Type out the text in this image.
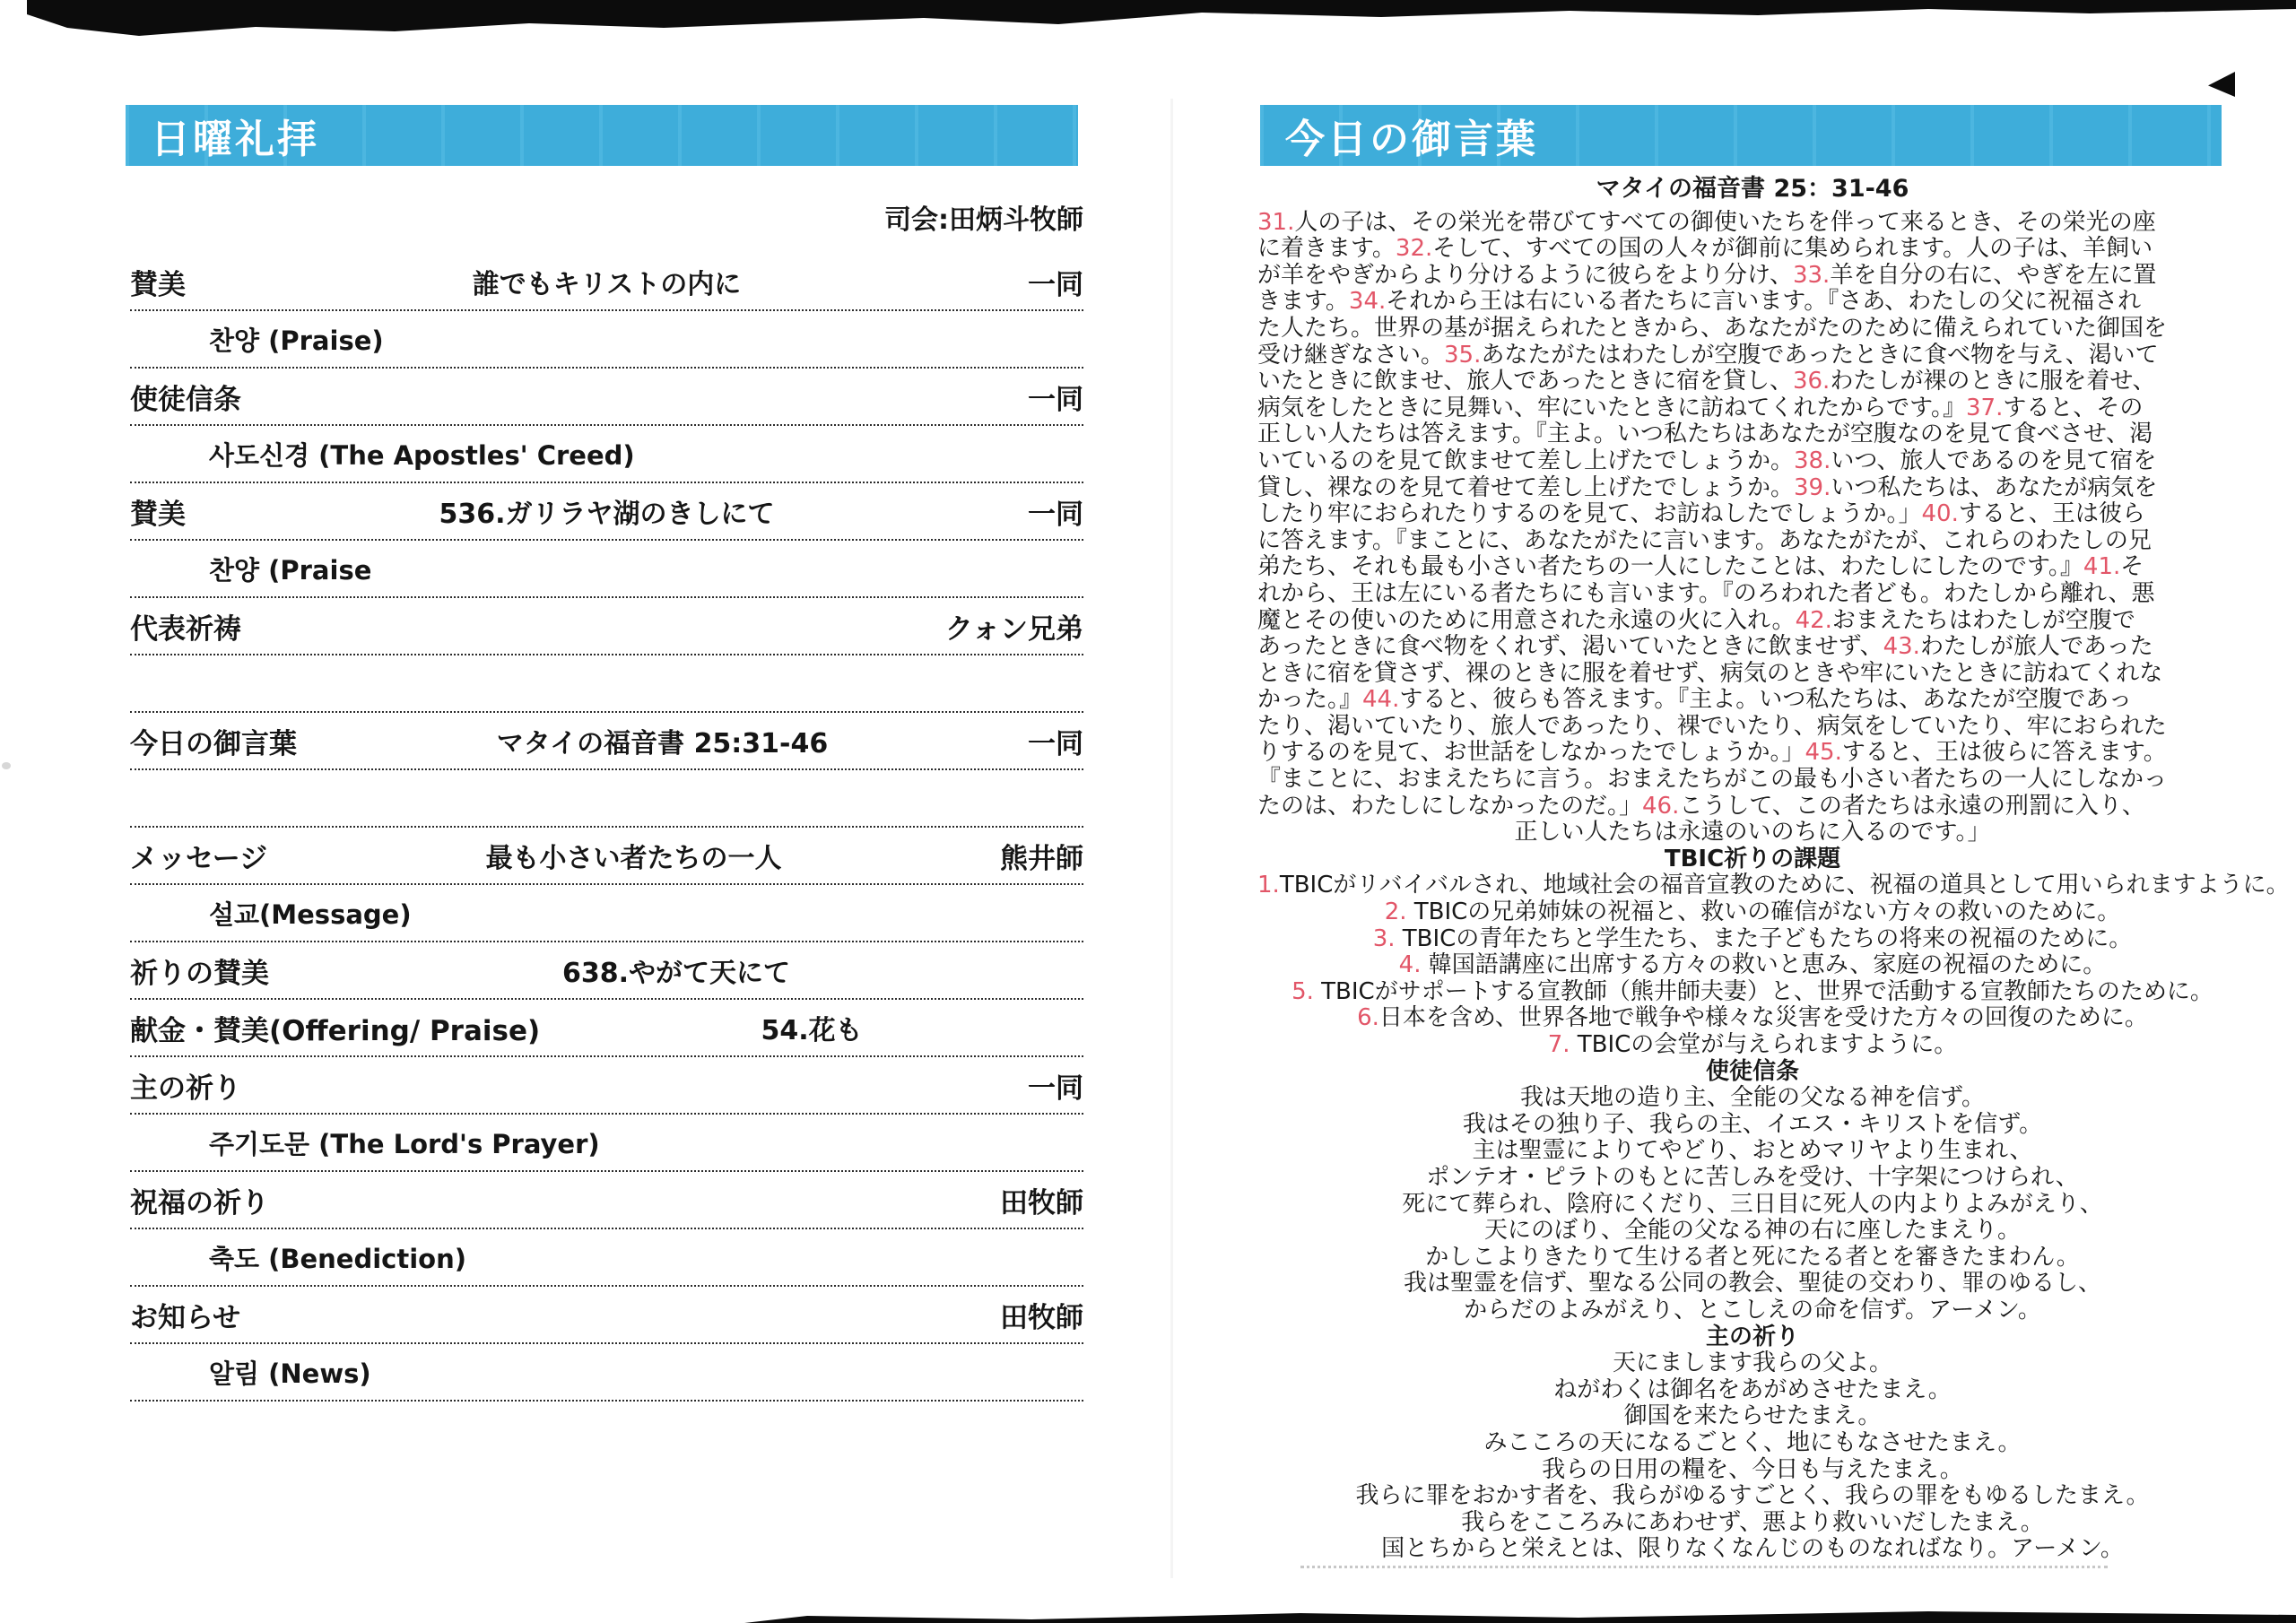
日曜礼拝
司会:田炳斗牧師
賛美	誰でもキリストの内に	一同
찬양 (Praise)
使徒信条	一同
사도신경 (The Apostles' Creed)
賛美	536.ガリラヤ湖のきしにて	一同
찬양 (Praise
代表祈祷	クォン兄弟
今日の御言葉	マタイの福音書 25:31-46	一同
メッセージ	最も小さい者たちの一人	熊井師
설교(Message)
祈りの賛美	638.やがて天にて
献金・賛美(Offering/ Praise)	54.花も
主の祈り	一同
주기도문 (The Lord's Prayer)
祝福の祈り	田牧師
축도 (Benediction)
お知らせ	田牧師
알림 (News)
今日の御言葉
マタイの福音書 25：31-46
31.人の子は、その栄光を帯びてすべての御使いたちを伴って来るとき、その栄光の座
に着きます。32.そして、すべての国の人々が御前に集められます。人の子は、羊飼い
が羊をやぎからより分けるように彼らをより分け、33.羊を自分の右に、やぎを左に置
きます。34.それから王は右にいる者たちに言います。『さあ、わたしの父に祝福され
た人たち。世界の基が据えられたときから、あなたがたのために備えられていた御国を
受け継ぎなさい。35.あなたがたはわたしが空腹であったときに食べ物を与え、渇いて
いたときに飲ませ、旅人であったときに宿を貸し、36.わたしが裸のときに服を着せ、
病気をしたときに見舞い、牢にいたときに訪ねてくれたからです。』37.すると、その
正しい人たちは答えます。『主よ。いつ私たちはあなたが空腹なのを見て食べさせ、渇
いているのを見て飲ませて差し上げたでしょうか。38.いつ、旅人であるのを見て宿を
貸し、裸なのを見て着せて差し上げたでしょうか。39.いつ私たちは、あなたが病気を
したり牢におられたりするのを見て、お訪ねしたでしょうか。」40.すると、王は彼ら
に答えます。『まことに、あなたがたに言います。あなたがたが、これらのわたしの兄
弟たち、それも最も小さい者たちの一人にしたことは、わたしにしたのです。』41.そ
れから、王は左にいる者たちにも言います。『のろわれた者ども。わたしから離れ、悪
魔とその使いのために用意された永遠の火に入れ。42.おまえたちはわたしが空腹で
あったときに食べ物をくれず、渇いていたときに飲ませず、43.わたしが旅人であった
ときに宿を貸さず、裸のときに服を着せず、病気のときや牢にいたときに訪ねてくれな
かった。』44.すると、彼らも答えます。『主よ。いつ私たちは、あなたが空腹であっ
たり、渇いていたり、旅人であったり、裸でいたり、病気をしていたり、牢におられた
りするのを見て、お世話をしなかったでしょうか。」45.すると、王は彼らに答えます。
『まことに、おまえたちに言う。おまえたちがこの最も小さい者たちの一人にしなかっ
たのは、わたしにしなかったのだ。」46.こうして、この者たちは永遠の刑罰に入り、
正しい人たちは永遠のいのちに入るのです。」
TBIC祈りの課題
1.TBICがリバイバルされ、地域社会の福音宣教のために、祝福の道具として用いられますように。
2. TBICの兄弟姉妹の祝福と、救いの確信がない方々の救いのために。
3. TBICの青年たちと学生たち、また子どもたちの将来の祝福のために。
4. 韓国語講座に出席する方々の救いと恵み、家庭の祝福のために。
5. TBICがサポートする宣教師（熊井師夫妻）と、世界で活動する宣教師たちのために。
6.日本を含め、世界各地で戦争や様々な災害を受けた方々の回復のために。
7. TBICの会堂が与えられますように。
使徒信条
我は天地の造り主、全能の父なる神を信ず。
我はその独り子、我らの主、イエス・キリストを信ず。
主は聖霊によりてやどり、おとめマリヤより生まれ、
ポンテオ・ピラトのもとに苦しみを受け、十字架につけられ、
死にて葬られ、陰府にくだり、三日目に死人の内よりよみがえり、
天にのぼり、全能の父なる神の右に座したまえり。
かしこよりきたりて生ける者と死にたる者とを審きたまわん。
我は聖霊を信ず、聖なる公同の教会、聖徒の交わり、罪のゆるし、
からだのよみがえり、とこしえの命を信ず。アーメン。
主の祈り
天にまします我らの父よ。
ねがわくは御名をあがめさせたまえ。
御国を来たらせたまえ。
みこころの天になるごとく、地にもなさせたまえ。
我らの日用の糧を、今日も与えたまえ。
我らに罪をおかす者を、我らがゆるすごとく、我らの罪をもゆるしたまえ。
我らをこころみにあわせず、悪より救いいだしたまえ。
国とちからと栄えとは、限りなくなんじのものなればなり。アーメン。
